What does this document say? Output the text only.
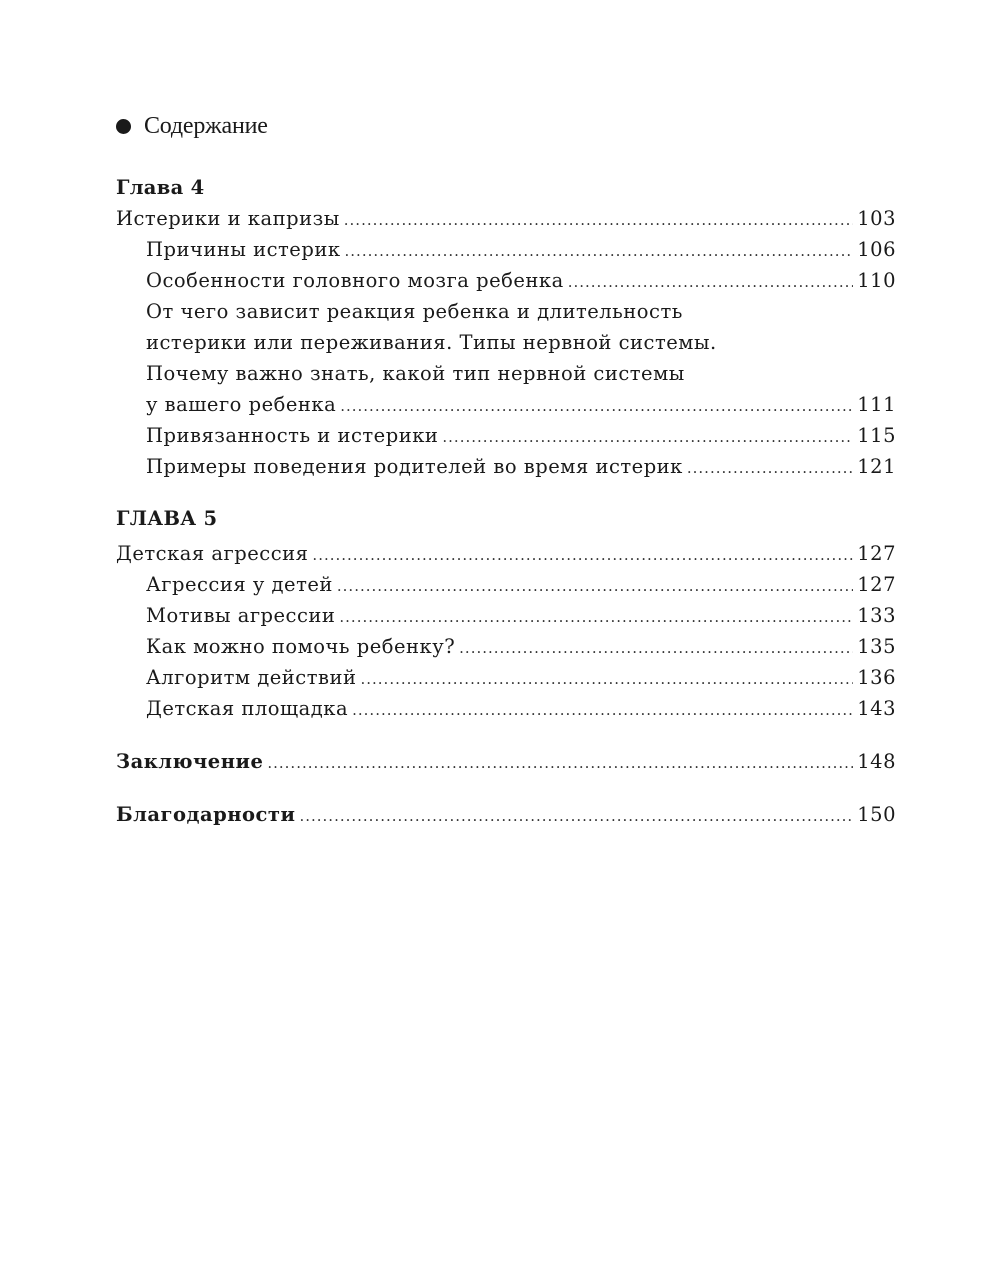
Содержание
Глава 4
Истерики и капризы .....	103
Причины истерик .....	106
Особенности головного мозга ребенка .....	110
От чего зависит реакция ребенка и длительность
истерики или переживания. Типы нервной системы.
Почему важно знать, какой тип нервной системы
у вашего ребенка .....	111
Привязанность и истерики .....	115
Примеры поведения родителей во время истерик .....	121
ГЛАВА 5
Детская агрессия .....	127
Агрессия у детей .....	127
Мотивы агрессии .....	133
Как можно помочь ребенку? .....	135
Алгоритм действий .....	136
Детская площадка .....	143
Заключение .....	148
Благодарности .....	150
